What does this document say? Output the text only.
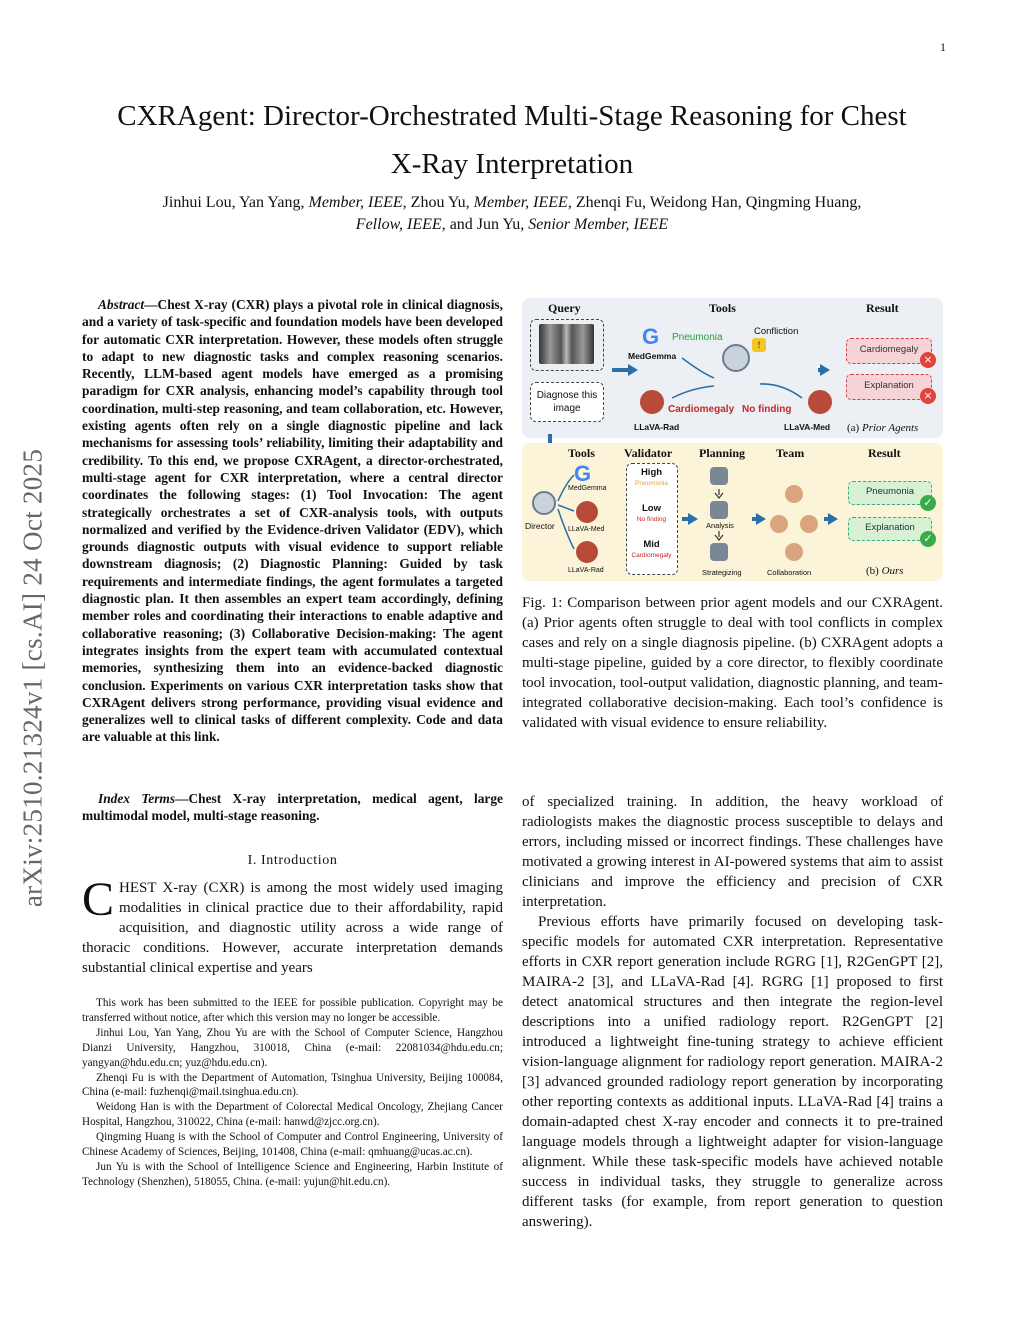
1
arXiv:2510.21324v1 [cs.AI] 24 Oct 2025
CXRAgent: Director-Orchestrated Multi-Stage Reasoning for Chest
X-Ray Interpretation
Jinhui Lou, Yan Yang, Member, IEEE, Zhou Yu, Member, IEEE, Zhenqi Fu, Weidong Han, Qingming Huang,
Fellow, IEEE, and Jun Yu, Senior Member, IEEE
Abstract—Chest X-ray (CXR) plays a pivotal role in clinical diagnosis, and a variety of task-specific and foundation models have been developed for automatic CXR interpretation. However, these models often struggle to adapt to new diagnostic tasks and complex reasoning scenarios. Recently, LLM-based agent models have emerged as a promising paradigm for CXR analysis, enhancing model’s capability through tool coordination, multi-step reasoning, and team collaboration, etc. However, existing agents often rely on a single diagnostic pipeline and lack mechanisms for assessing tools’ reliability, limiting their adaptability and credibility. To this end, we propose CXRAgent, a director-orchestrated, multi-stage agent for CXR interpretation, where a central director coordinates the following stages: (1) Tool Invocation: The agent strategically orchestrates a set of CXR-analysis tools, with outputs normalized and verified by the Evidence-driven Validator (EDV), which grounds diagnostic outputs with visual evidence to support reliable downstream diagnosis; (2) Diagnostic Planning: Guided by task requirements and intermediate findings, the agent formulates a targeted diagnostic plan. It then assembles an expert team accordingly, defining member roles and coordinating their interactions to enable adaptive and collaborative reasoning; (3) Collaborative Decision-making: The agent integrates insights from the expert team with accumulated contextual memories, synthesizing them into an evidence-backed diagnostic conclusion. Experiments on various CXR interpretation tasks show that CXRAgent delivers strong performance, providing visual evidence and generalizes well to clinical tasks of different complexity. Code and data are valuable at this link.
Index Terms—Chest X-ray interpretation, medical agent, large multimodal model, multi-stage reasoning.
I. Introduction
CHEST X-ray (CXR) is among the most widely used imaging modalities in clinical practice due to their affordability, rapid acquisition, and diagnostic utility across a wide range of thoracic conditions. However, accurate interpretation demands substantial clinical expertise and years

This work has been submitted to the IEEE for possible publication. Copyright may be transferred without notice, after which this version may no longer be accessible.

Jinhui Lou, Yan Yang, Zhou Yu are with the School of Computer Science, Hangzhou Dianzi University, Hangzhou, 310018, China (e-mail: 22081034@hdu.edu.cn; yangyan@hdu.edu.cn; yuz@hdu.edu.cn).

Zhenqi Fu is with the Department of Automation, Tsinghua University, Beijing 100084, China (e-mail: fuzhenqi@mail.tsinghua.edu.cn).

Weidong Han is with the Department of Colorectal Medical Oncology, Zhejiang Cancer Hospital, Hangzhou, 310022, China (e-mail: hanwd@zjcc.org.cn).

Qingming Huang is with the School of Computer and Control Engineering, University of Chinese Academy of Sciences, Beijing, 101408, China (e-mail: qmhuang@ucas.ac.cn).

Jun Yu is with the School of Intelligence Science and Engineering, Harbin Institute of Technology (Shenzhen), 518055, China. (e-mail: yujun@hit.edu.cn).

Query	Tools	Result
Diagnose this image
G Pneumonia
MedGemma
Confliction
!
Cardiomegaly No finding
LLaVA-Rad	LLaVA-Med
Cardiomegaly
×
Explanation
×
(a) Prior Agents
Tools Validator Planning	Team	Result
Director
G
MedGemma
LLaVA-Med
LLaVA-Rad
High
Pneumonia
Low
No finding
Mid
Cardiomegaly
Analysis
Strategizing	Collaboration
Pneumonia
✓
Explanation
✓
(b) Ours
Fig. 1: Comparison between prior agent models and our CXRAgent. (a) Prior agents often struggle to deal with tool conflicts in complex cases and rely on a single diagnosis pipeline. (b) CXRAgent adopts a multi-stage pipeline, guided by a core director, to flexibly coordinate tool invocation, tool-output validation, diagnostic planning, and team-integrated collaborative decision-making. Each tool’s confidence is validated with visual evidence to ensure reliability.

of specialized training. In addition, the heavy workload of radiologists makes the diagnostic process susceptible to delays and errors, including missed or incorrect findings. These challenges have motivated a growing interest in AI-powered systems that aim to assist clinicians and improve the efficiency and precision of CXR interpretation.

Previous efforts have primarily focused on developing task-specific models for automated CXR interpretation. Representative efforts in CXR report generation include RGRG [1], R2GenGPT [2], MAIRA-2 [3], and LLaVA-Rad [4]. RGRG [1] proposed to first detect anatomical structures and then integrate the region-level descriptions into a unified radiology report. R2GenGPT [2] introduced a lightweight fine-tuning strategy to achieve efficient vision-language alignment for radiology report generation. MAIRA-2 [3] advanced grounded radiology report generation by incorporating other reporting contexts as additional inputs. LLaVA-Rad [4] trains a domain-adapted chest X-ray encoder and connects it to pre-trained language models through a lightweight adapter for vision-language alignment. While these task-specific models have achieved notable success in individual tasks, they struggle to generalize across different tasks (for example, from report generation to question answering).
